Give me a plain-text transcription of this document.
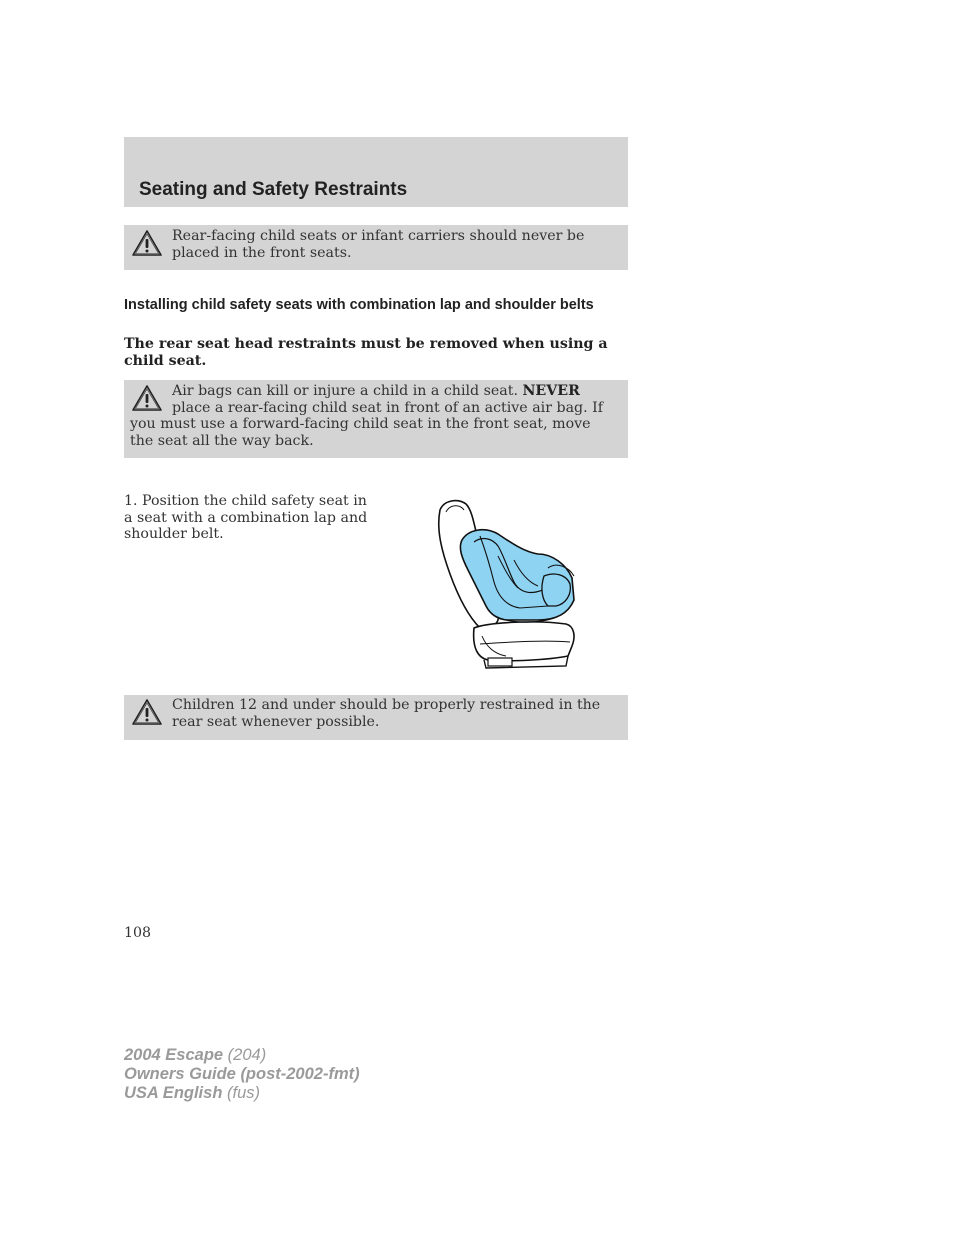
Seating and Safety Restraints
Rear-facing child seats or infant carriers should never be placed in the front seats.
Installing child safety seats with combination lap and shoulder belts
The rear seat head restraints must be removed when using a child seat.
Air bags can kill or injure a child in a child seat. NEVER place a rear-facing child seat in front of an active air bag. If you must use a forward-facing child seat in the front seat, move the seat all the way back.
1. Position the child safety seat in a seat with a combination lap and shoulder belt.
Children 12 and under should be properly restrained in the rear seat whenever possible.
108
2004 Escape (204)
Owners Guide (post-2002-fmt)
USA English (fus)
